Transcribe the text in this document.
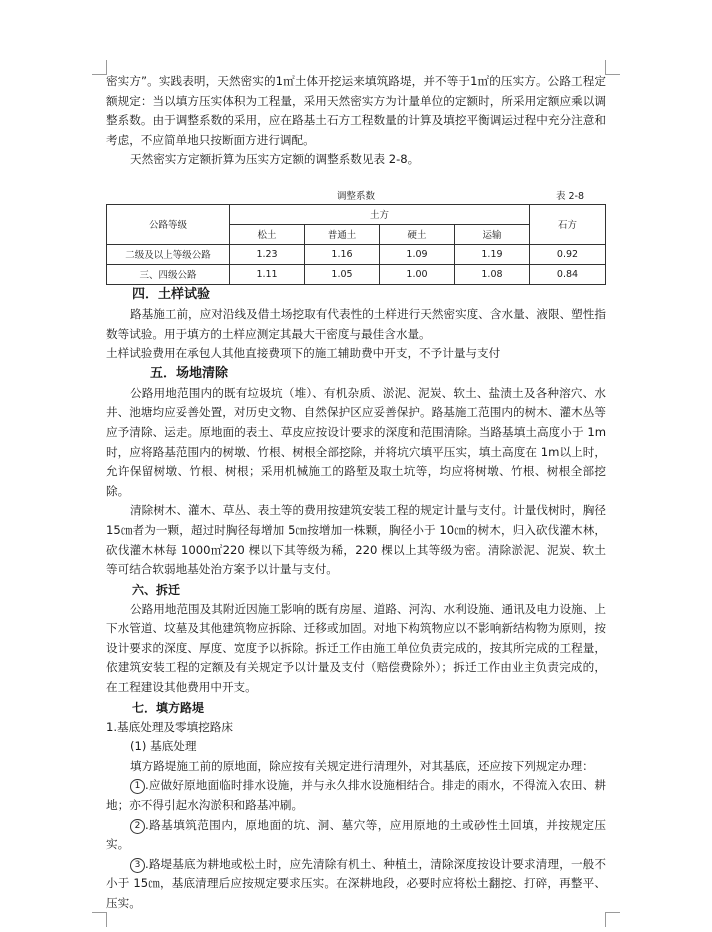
密实方”。实践表明，天然密实的1㎡土体开挖运来填筑路堤，并不等于1㎡的压实方。公路工程定额规定：当以填方压实体积为工程量，采用天然密实方为计量单位的定额时，所采用定额应乘以调整系数。由于调整系数的采用，应在路基土石方工程数量的计算及填挖平衡调运过程中充分注意和考虑，不应简单地只按断面方进行调配。

天然密实方定额折算为压实方定额的调整系数见表 2-8。

调整系数	表 2-8
公路等级	土方				石方
	松土	普通土	硬土	运输	
二级及以上等级公路	1.23	1.16	1.09	1.19	0.92
三、四级公路	1.11	1.05	1.00	1.08	0.84
四．土样试验

路基施工前，应对沿线及借土场挖取有代表性的土样进行天然密实度、含水量、液限、塑性指数等试验。用于填方的土样应测定其最大干密度与最佳含水量。

土样试验费用在承包人其他直接费项下的施工辅助费中开支，不予计量与支付

五．场地清除

公路用地范围内的既有垃圾坑（堆）、有机杂质、淤泥、泥炭、软土、盐渍土及各种溶穴、水井、池塘均应妥善处置，对历史文物、自然保护区应妥善保护。路基施工范围内的树木、灌木丛等应予清除、运走。原地面的表土、草皮应按设计要求的深度和范围清除。当路基填土高度小于 1m时，应将路基范围内的树墩、竹根、树根全部挖除，并将坑穴填平压实，填土高度在 1m以上时，允许保留树墩、竹根、树根；采用机械施工的路堑及取土坑等，均应将树墩、竹根、树根全部挖除。

清除树木、灌木、草丛、表土等的费用按建筑安装工程的规定计量与支付。计量伐树时，胸径 15㎝者为一颗，超过时胸径每增加 5㎝按增加一株颗，胸径小于 10㎝的树木，归入砍伐灌木林，砍伐灌木林每 1000㎡220 棵以下其等级为稀，220 棵以上其等级为密。清除淤泥、泥炭、软土等可结合软弱地基处治方案予以计量与支付。

六、拆迁

公路用地范围及其附近因施工影响的既有房屋、道路、河沟、水利设施、通讯及电力设施、上下水管道、坟墓及其他建筑物应拆除、迁移或加固。对地下构筑物应以不影响新结构物为原则，按设计要求的深度、厚度、宽度予以拆除。拆迁工作由施工单位负责完成的，按其所完成的工程量，依建筑安装工程的定额及有关规定予以计量及支付（赔偿费除外）；拆迁工作由业主负责完成的，在工程建设其他费用中开支。

七．填方路堤

1.基底处理及零填挖路床

(1) 基底处理

填方路堤施工前的原地面，除应按有关规定进行清理外，对其基底，还应按下列规定办理：

1 .应做好原地面临时排水设施，并与永久排水设施相结合。排走的雨水，不得流入农田、耕地；亦不得引起水沟淤积和路基冲刷。

2 .路基填筑范围内，原地面的坑、洞、墓穴等，应用原地的土或砂性土回填，并按规定压实。

3 .路堤基底为耕地或松土时，应先清除有机土、种植土，清除深度按设计要求清理，一般不小于 15㎝，基底清理后应按规定要求压实。在深耕地段，必要时应将松土翻挖、打碎，再整平、压实。
